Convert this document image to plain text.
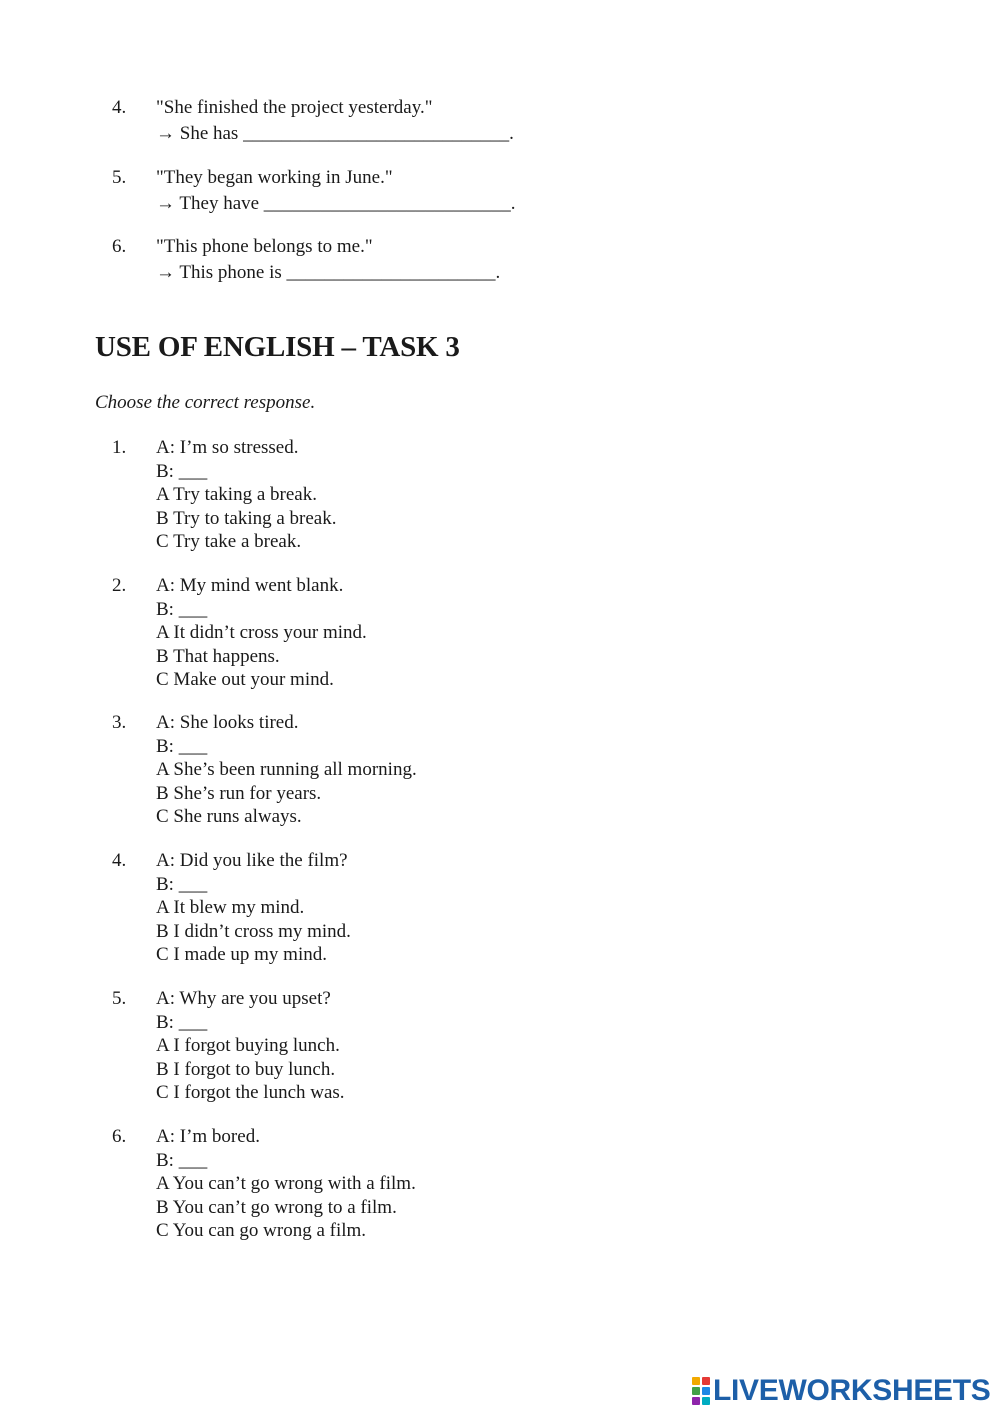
4. "She finished the project yesterday."
→ She has ____________________________.
5. "They began working in June."
→ They have __________________________.
6. "This phone belongs to me."
→ This phone is ______________________.
USE OF ENGLISH – TASK 3
Choose the correct response.
1. A: I’m so stressed.
B: ___
A Try taking a break.
B Try to taking a break.
C Try take a break.
2. A: My mind went blank.
B: ___
A It didn’t cross your mind.
B That happens.
C Make out your mind.
3. A: She looks tired.
B: ___
A She’s been running all morning.
B She’s run for years.
C She runs always.
4. A: Did you like the film?
B: ___
A It blew my mind.
B I didn’t cross my mind.
C I made up my mind.
5. A: Why are you upset?
B: ___
A I forgot buying lunch.
B I forgot to buy lunch.
C I forgot the lunch was.
6. A: I’m bored.
B: ___
A You can’t go wrong with a film.
B You can’t go wrong to a film.
C You can go wrong a film.
LIVEWORKSHEETS
